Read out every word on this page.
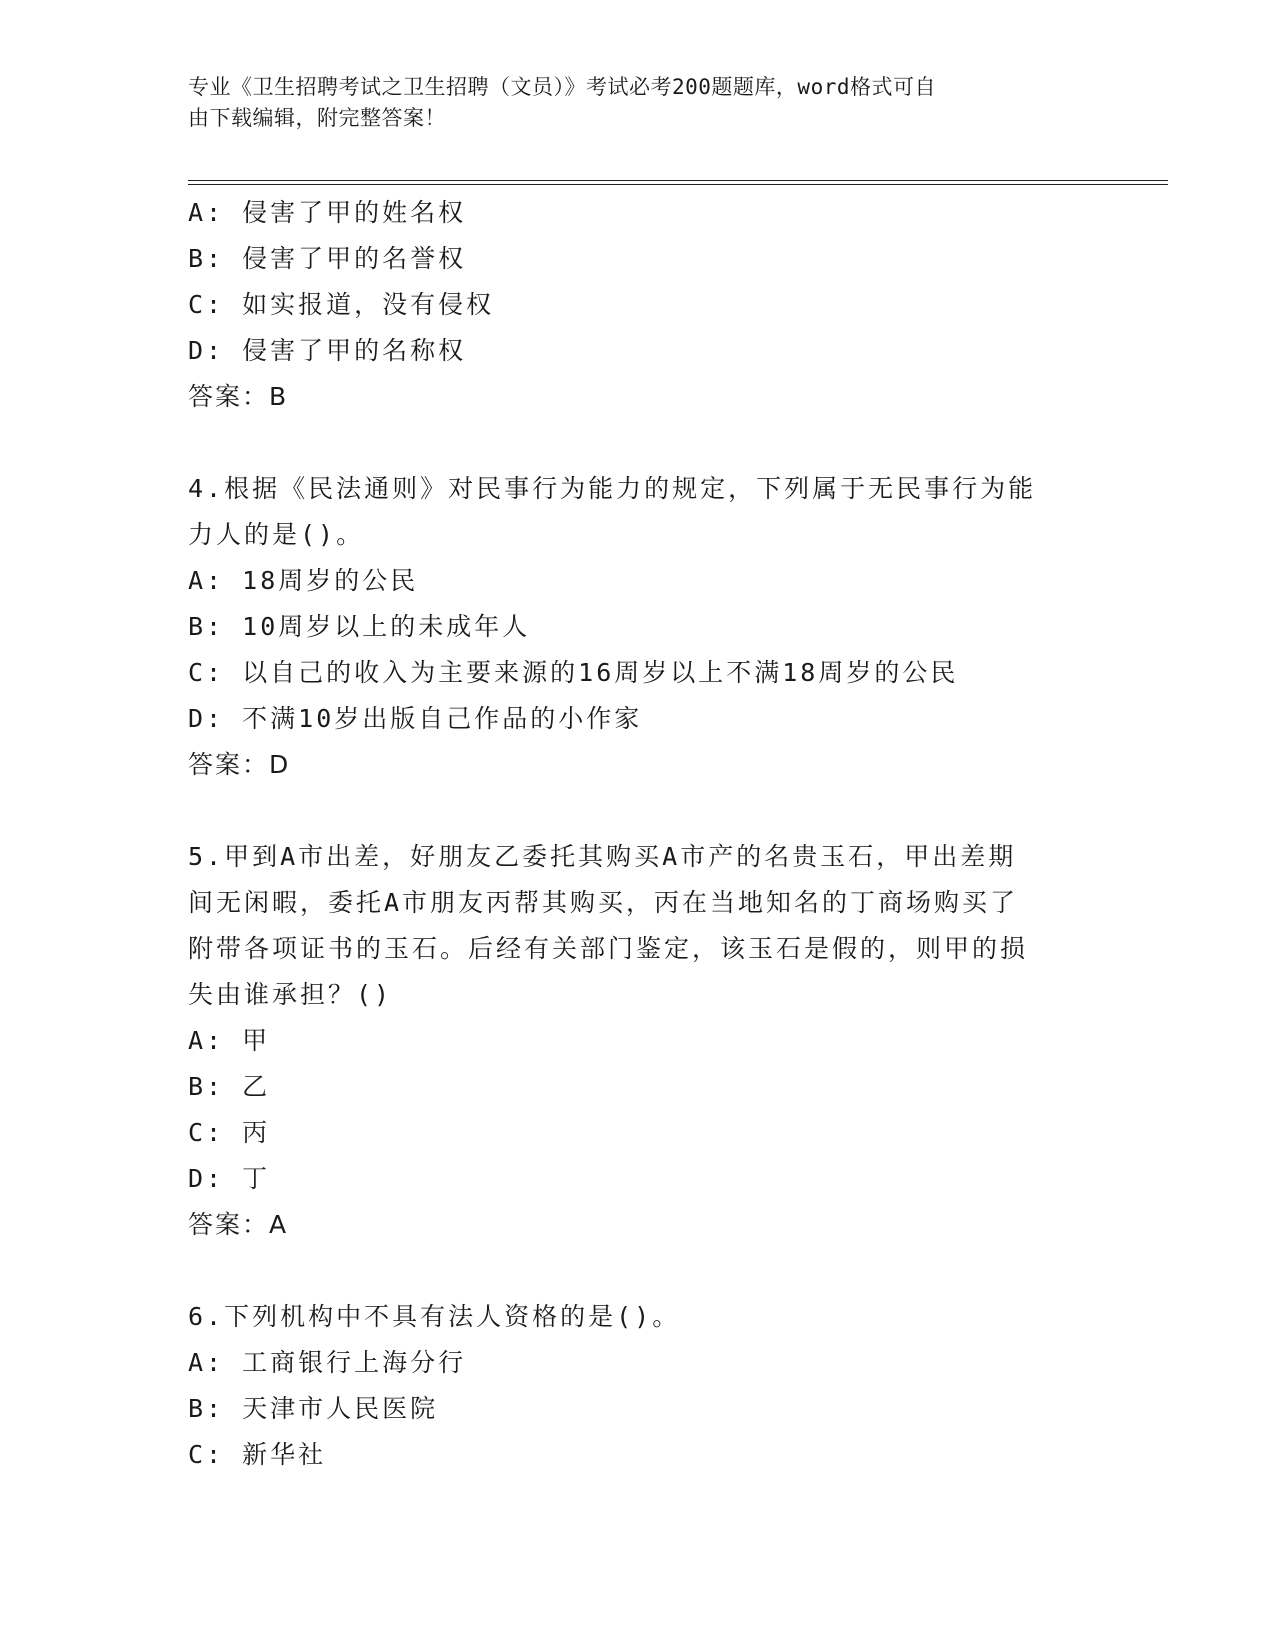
专业《卫生招聘考试之卫生招聘（文员）》考试必考200题题库，word格式可自
由下载编辑，附完整答案！
A: 侵害了甲的姓名权
B: 侵害了甲的名誉权
C: 如实报道，没有侵权
D: 侵害了甲的名称权
答案：B
4.根据《民法通则》对民事行为能力的规定，下列属于无民事行为能
力人的是()。
A: 18周岁的公民
B: 10周岁以上的未成年人
C: 以自己的收入为主要来源的16周岁以上不满18周岁的公民
D: 不满10岁出版自己作品的小作家
答案：D
5.甲到A市出差，好朋友乙委托其购买A市产的名贵玉石，甲出差期
间无闲暇，委托A市朋友丙帮其购买，丙在当地知名的丁商场购买了
附带各项证书的玉石。后经有关部门鉴定，该玉石是假的，则甲的损
失由谁承担？()
A: 甲
B: 乙
C: 丙
D: 丁
答案：A
6.下列机构中不具有法人资格的是()。
A: 工商银行上海分行
B: 天津市人民医院
C: 新华社
